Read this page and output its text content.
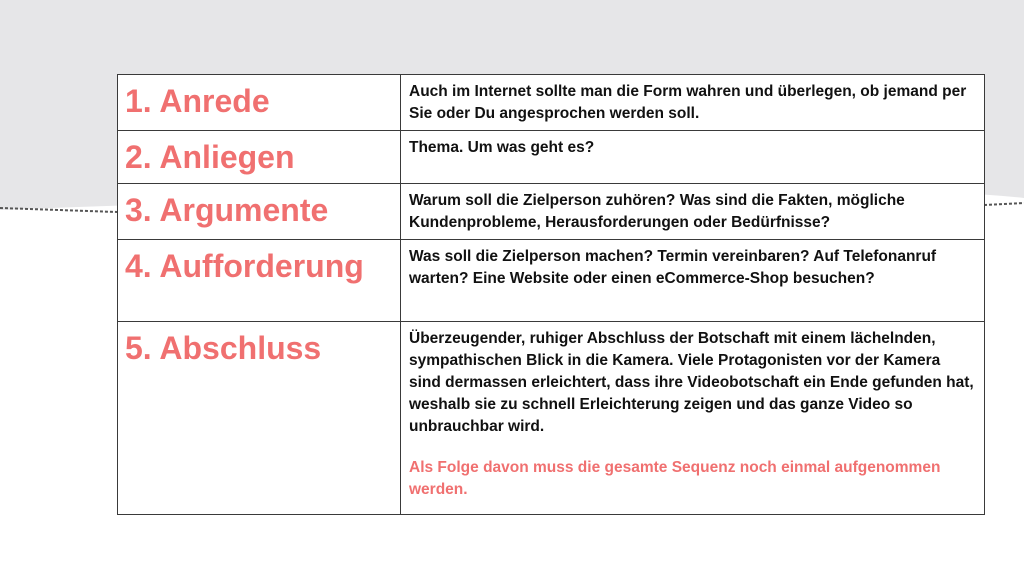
1. Anrede	Auch im Internet sollte man die Form wahren und überlegen, ob jemand per Sie oder Du angesprochen werden soll.

2. Anliegen	Thema. Um was geht es?

3. Argumente	Warum soll die Zielperson zuhören? Was sind die Fakten, mögliche Kundenprobleme, Herausforderungen oder Bedürfnisse?

4. Aufforderung	Was soll die Zielperson machen? Termin vereinbaren? Auf Telefonanruf warten? Eine Website oder einen eCommerce-Shop besuchen?

5. Abschluss	Überzeugender, ruhiger Abschluss der Botschaft mit einem lächelnden, sympathischen Blick in die Kamera. Viele Protagonisten vor der Kamera sind dermassen erleichtert, dass ihre Videobotschaft ein Ende gefunden hat, weshalb sie zu schnell Erleichterung zeigen und das ganze Video so unbrauchbar wird.
Als Folge davon muss die gesamte Sequenz noch einmal aufgenommen werden.
